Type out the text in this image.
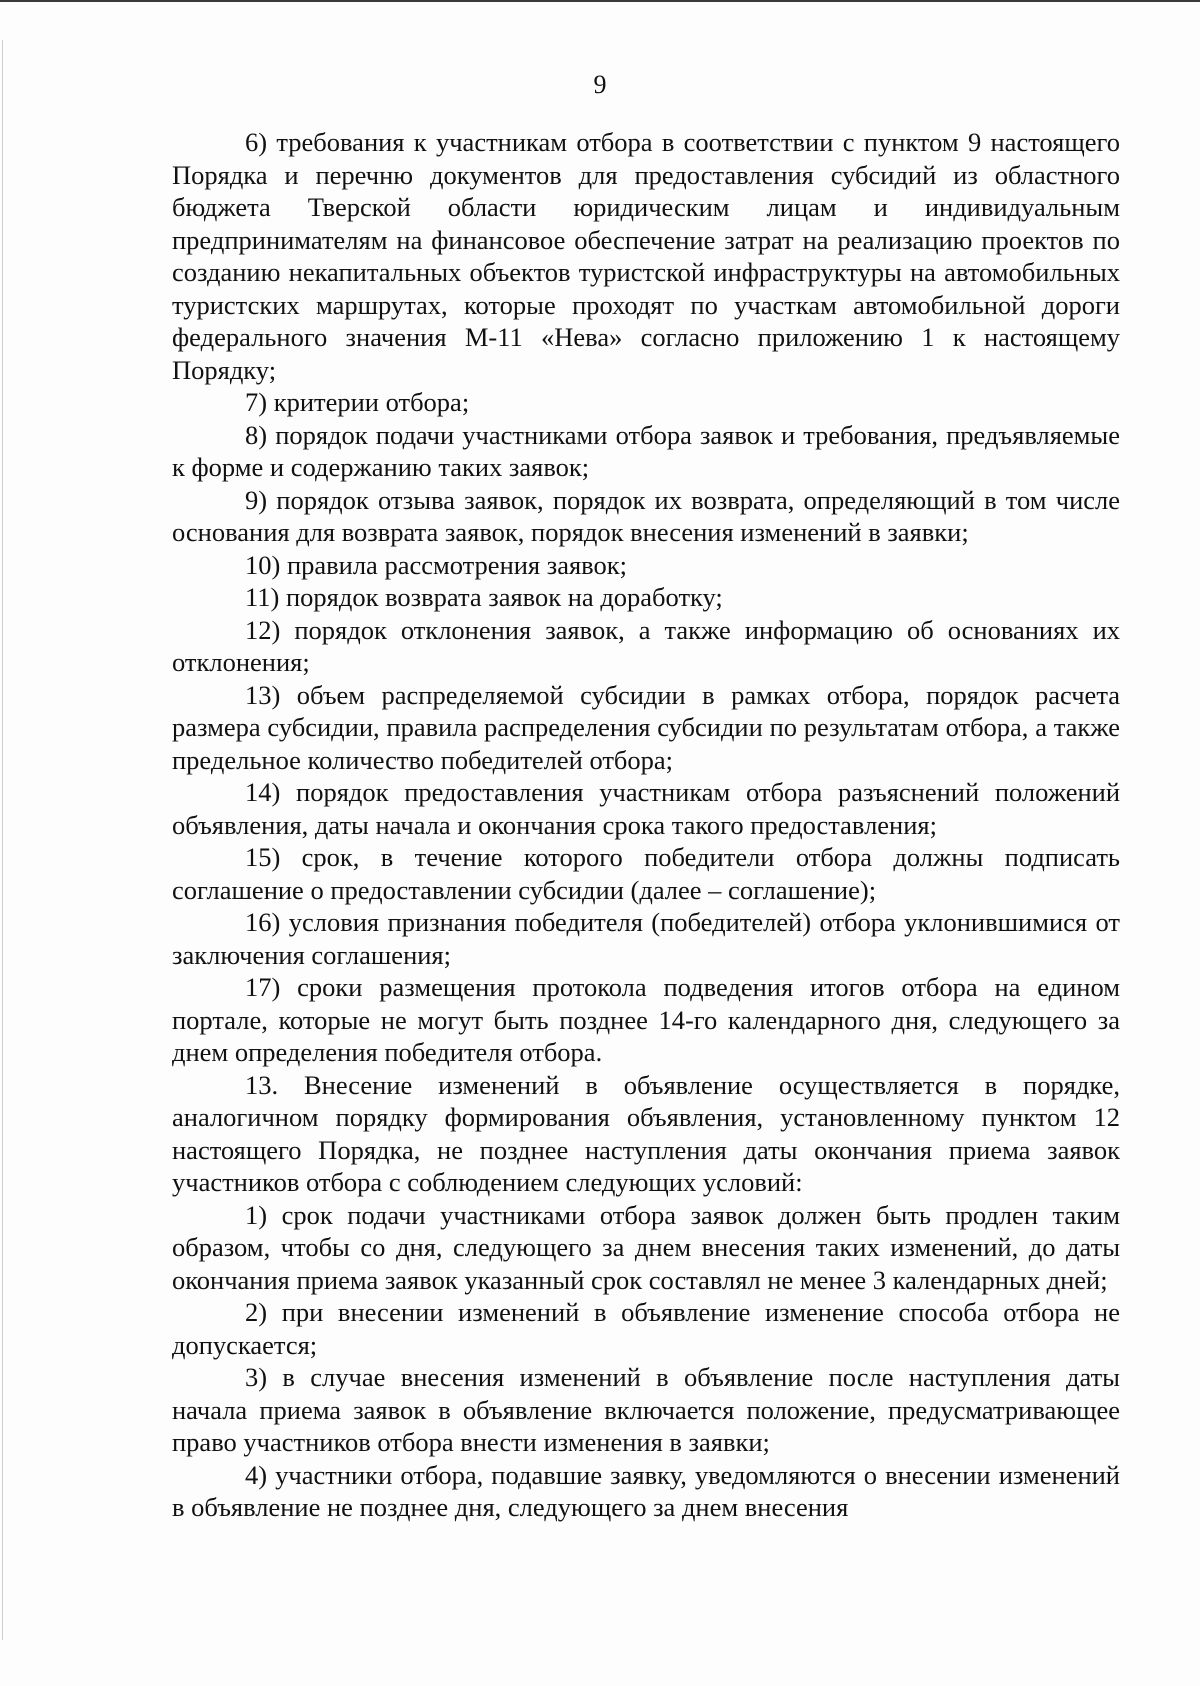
9

6) требования к участникам отбора в соответствии с пунктом 9 настоящего Порядка и перечню документов для предоставления субсидий из областного бюджета Тверской области юридическим лицам и индивидуальным предпринимателям на финансовое обеспечение затрат на реализацию проектов по созданию некапитальных объектов туристской инфраструктуры на автомобильных туристских маршрутах, которые проходят по участкам автомобильной дороги федерального значения М-11 «Нева» согласно приложению 1 к настоящему Порядку;

7) критерии отбора;

8) порядок подачи участниками отбора заявок и требования, предъявляемые к форме и содержанию таких заявок;

9) порядок отзыва заявок, порядок их возврата, определяющий в том числе основания для возврата заявок, порядок внесения изменений в заявки;

10) правила рассмотрения заявок;

11) порядок возврата заявок на доработку;

12) порядок отклонения заявок, а также информацию об основаниях их отклонения;

13) объем распределяемой субсидии в рамках отбора, порядок расчета размера субсидии, правила распределения субсидии по результатам отбора, а также предельное количество победителей отбора;

14) порядок предоставления участникам отбора разъяснений положений объявления, даты начала и окончания срока такого предоставления;

15) срок, в течение которого победители отбора должны подписать соглашение о предоставлении субсидии (далее – соглашение);

16) условия признания победителя (победителей) отбора уклонившимися от заключения соглашения;

17) сроки размещения протокола подведения итогов отбора на едином портале, которые не могут быть позднее 14-го календарного дня, следующего за днем определения победителя отбора.

13. Внесение изменений в объявление осуществляется в порядке, аналогичном порядку формирования объявления, установленному пунктом 12 настоящего Порядка, не позднее наступления даты окончания приема заявок участников отбора с соблюдением следующих условий:

1) срок подачи участниками отбора заявок должен быть продлен таким образом, чтобы со дня, следующего за днем внесения таких изменений, до даты окончания приема заявок указанный срок составлял не менее 3 календарных дней;

2) при внесении изменений в объявление изменение способа отбора не допускается;

3) в случае внесения изменений в объявление после наступления даты начала приема заявок в объявление включается положение, предусматривающее право участников отбора внести изменения в заявки;

4) участники отбора, подавшие заявку, уведомляются о внесении изменений в объявление не позднее дня, следующего за днем внесения
